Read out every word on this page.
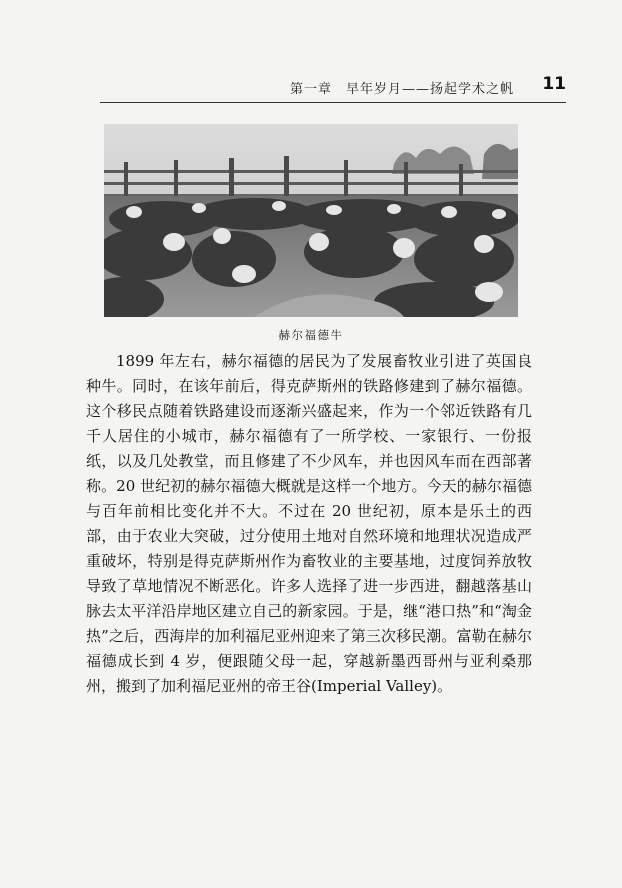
第一章　早年岁月——扬起学术之帆 11
赫尔福德牛

1899 年左右，赫尔福德的居民为了发展畜牧业引进了英国良种牛。同时，在该年前后，得克萨斯州的铁路修建到了赫尔福德。这个移民点随着铁路建设而逐渐兴盛起来，作为一个邻近铁路有几千人居住的小城市，赫尔福德有了一所学校、一家银行、一份报纸，以及几处教堂，而且修建了不少风车，并也因风车而在西部著称。20 世纪初的赫尔福德大概就是这样一个地方。今天的赫尔福德与百年前相比变化并不大。不过在 20 世纪初，原本是乐土的西部，由于农业大突破，过分使用土地对自然环境和地理状况造成严重破坏，特别是得克萨斯州作为畜牧业的主要基地，过度饲养放牧导致了草地情况不断恶化。许多人选择了进一步西进，翻越落基山脉去太平洋沿岸地区建立自己的新家园。于是，继“港口热”和“淘金热”之后，西海岸的加利福尼亚州迎来了第三次移民潮。富勒在赫尔福德成长到 4 岁，便跟随父母一起，穿越新墨西哥州与亚利桑那州，搬到了加利福尼亚州的帝王谷(Imperial Valley)。
